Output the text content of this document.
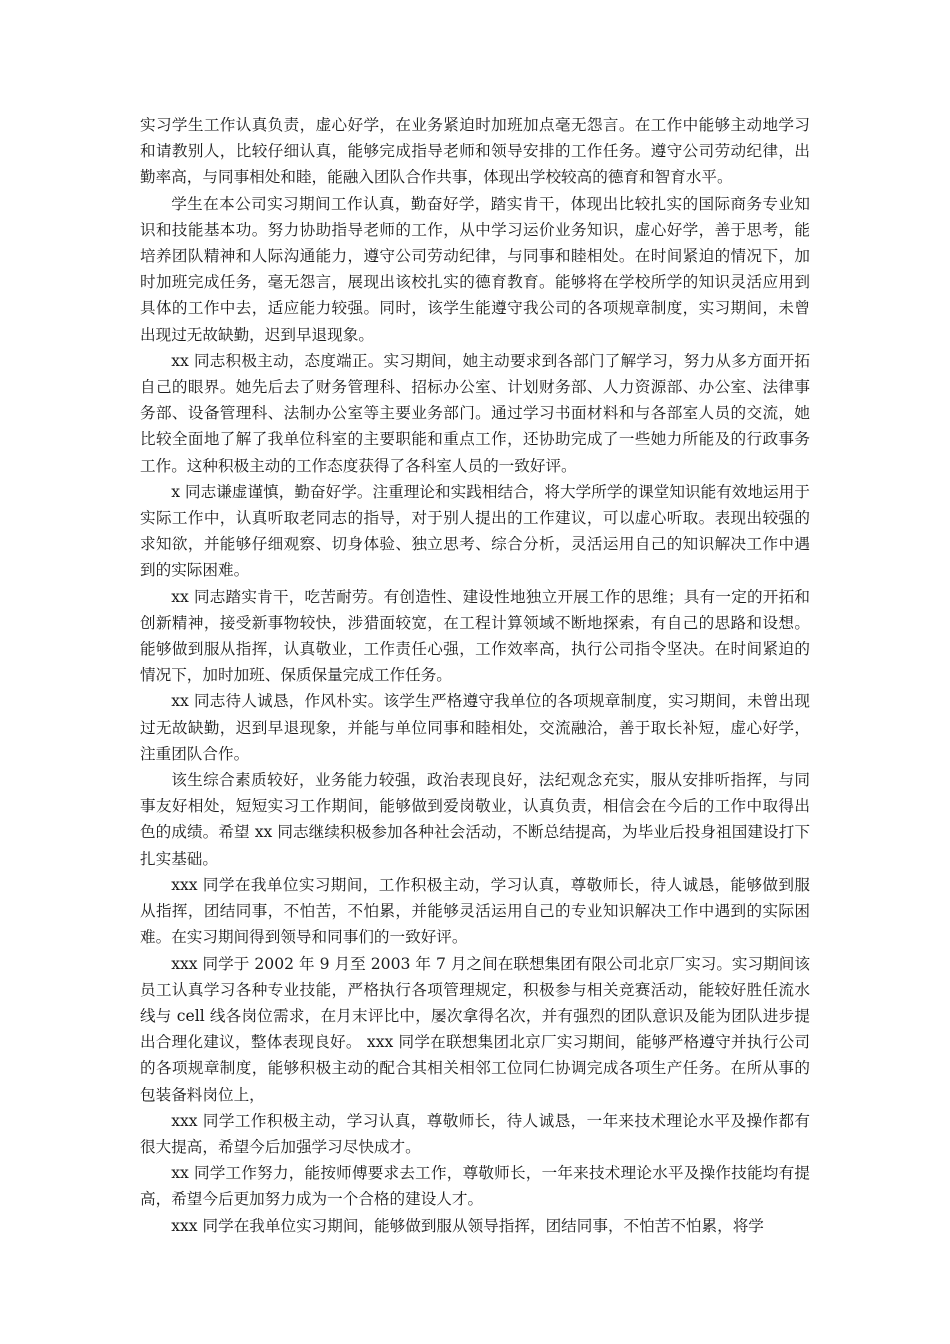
实习学生工作认真负责，虚心好学，在业务紧迫时加班加点毫无怨言。在工作中能够主动地学习和请教别人，比较仔细认真，能够完成指导老师和领导安排的工作任务。遵守公司劳动纪律，出勤率高，与同事相处和睦，能融入团队合作共事，体现出学校较高的德育和智育水平。

学生在本公司实习期间工作认真，勤奋好学，踏实肯干，体现出比较扎实的国际商务专业知识和技能基本功。努力协助指导老师的工作，从中学习运价业务知识，虚心好学，善于思考，能培养团队精神和人际沟通能力，遵守公司劳动纪律，与同事和睦相处。在时间紧迫的情况下，加时加班完成任务，毫无怨言，展现出该校扎实的德育教育。能够将在学校所学的知识灵活应用到具体的工作中去，适应能力较强。同时，该学生能遵守我公司的各项规章制度，实习期间，未曾出现过无故缺勤，迟到早退现象。

xx 同志积极主动，态度端正。实习期间，她主动要求到各部门了解学习，努力从多方面开拓自己的眼界。她先后去了财务管理科、招标办公室、计划财务部、人力资源部、办公室、法律事务部、设备管理科、法制办公室等主要业务部门。通过学习书面材料和与各部室人员的交流，她比较全面地了解了我单位科室的主要职能和重点工作，还协助完成了一些她力所能及的行政事务工作。这种积极主动的工作态度获得了各科室人员的一致好评。

x 同志谦虚谨慎，勤奋好学。注重理论和实践相结合，将大学所学的课堂知识能有效地运用于实际工作中，认真听取老同志的指导，对于别人提出的工作建议，可以虚心听取。表现出较强的求知欲，并能够仔细观察、切身体验、独立思考、综合分析，灵活运用自己的知识解决工作中遇到的实际困难。

xx 同志踏实肯干，吃苦耐劳。有创造性、建设性地独立开展工作的思维；具有一定的开拓和创新精神，接受新事物较快，涉猎面较宽，在工程计算领域不断地探索，有自己的思路和设想。能够做到服从指挥，认真敬业，工作责任心强，工作效率高，执行公司指令坚决。在时间紧迫的情况下，加时加班、保质保量完成工作任务。

xx 同志待人诚恳，作风朴实。该学生严格遵守我单位的各项规章制度，实习期间，未曾出现过无故缺勤，迟到早退现象，并能与单位同事和睦相处，交流融洽，善于取长补短，虚心好学，注重团队合作。

该生综合素质较好，业务能力较强，政治表现良好，法纪观念充实，服从安排听指挥，与同事友好相处，短短实习工作期间，能够做到爱岗敬业，认真负责，相信会在今后的工作中取得出色的成绩。希望 xx 同志继续积极参加各种社会活动，不断总结提高，为毕业后投身祖国建设打下扎实基础。

xxx 同学在我单位实习期间，工作积极主动，学习认真，尊敬师长，待人诚恳，能够做到服从指挥，团结同事，不怕苦，不怕累，并能够灵活运用自己的专业知识解决工作中遇到的实际困难。在实习期间得到领导和同事们的一致好评。

xxx 同学于 2002 年 9 月至 2003 年 7 月之间在联想集团有限公司北京厂实习。实习期间该员工认真学习各种专业技能，严格执行各项管理规定，积极参与相关竞赛活动，能较好胜任流水线与 cell 线各岗位需求，在月末评比中，屡次拿得名次，并有强烈的团队意识及能为团队进步提出合理化建议，整体表现良好。 xxx 同学在联想集团北京厂实习期间，能够严格遵守并执行公司的各项规章制度，能够积极主动的配合其相关相邻工位同仁协调完成各项生产任务。在所从事的包装备料岗位上，

xxx 同学工作积极主动，学习认真，尊敬师长，待人诚恳，一年来技术理论水平及操作都有很大提高，希望今后加强学习尽快成才。

xx 同学工作努力，能按师傅要求去工作，尊敬师长，一年来技术理论水平及操作技能均有提高，希望今后更加努力成为一个合格的建设人才。

xxx 同学在我单位实习期间，能够做到服从领导指挥，团结同事，不怕苦不怕累，将学
